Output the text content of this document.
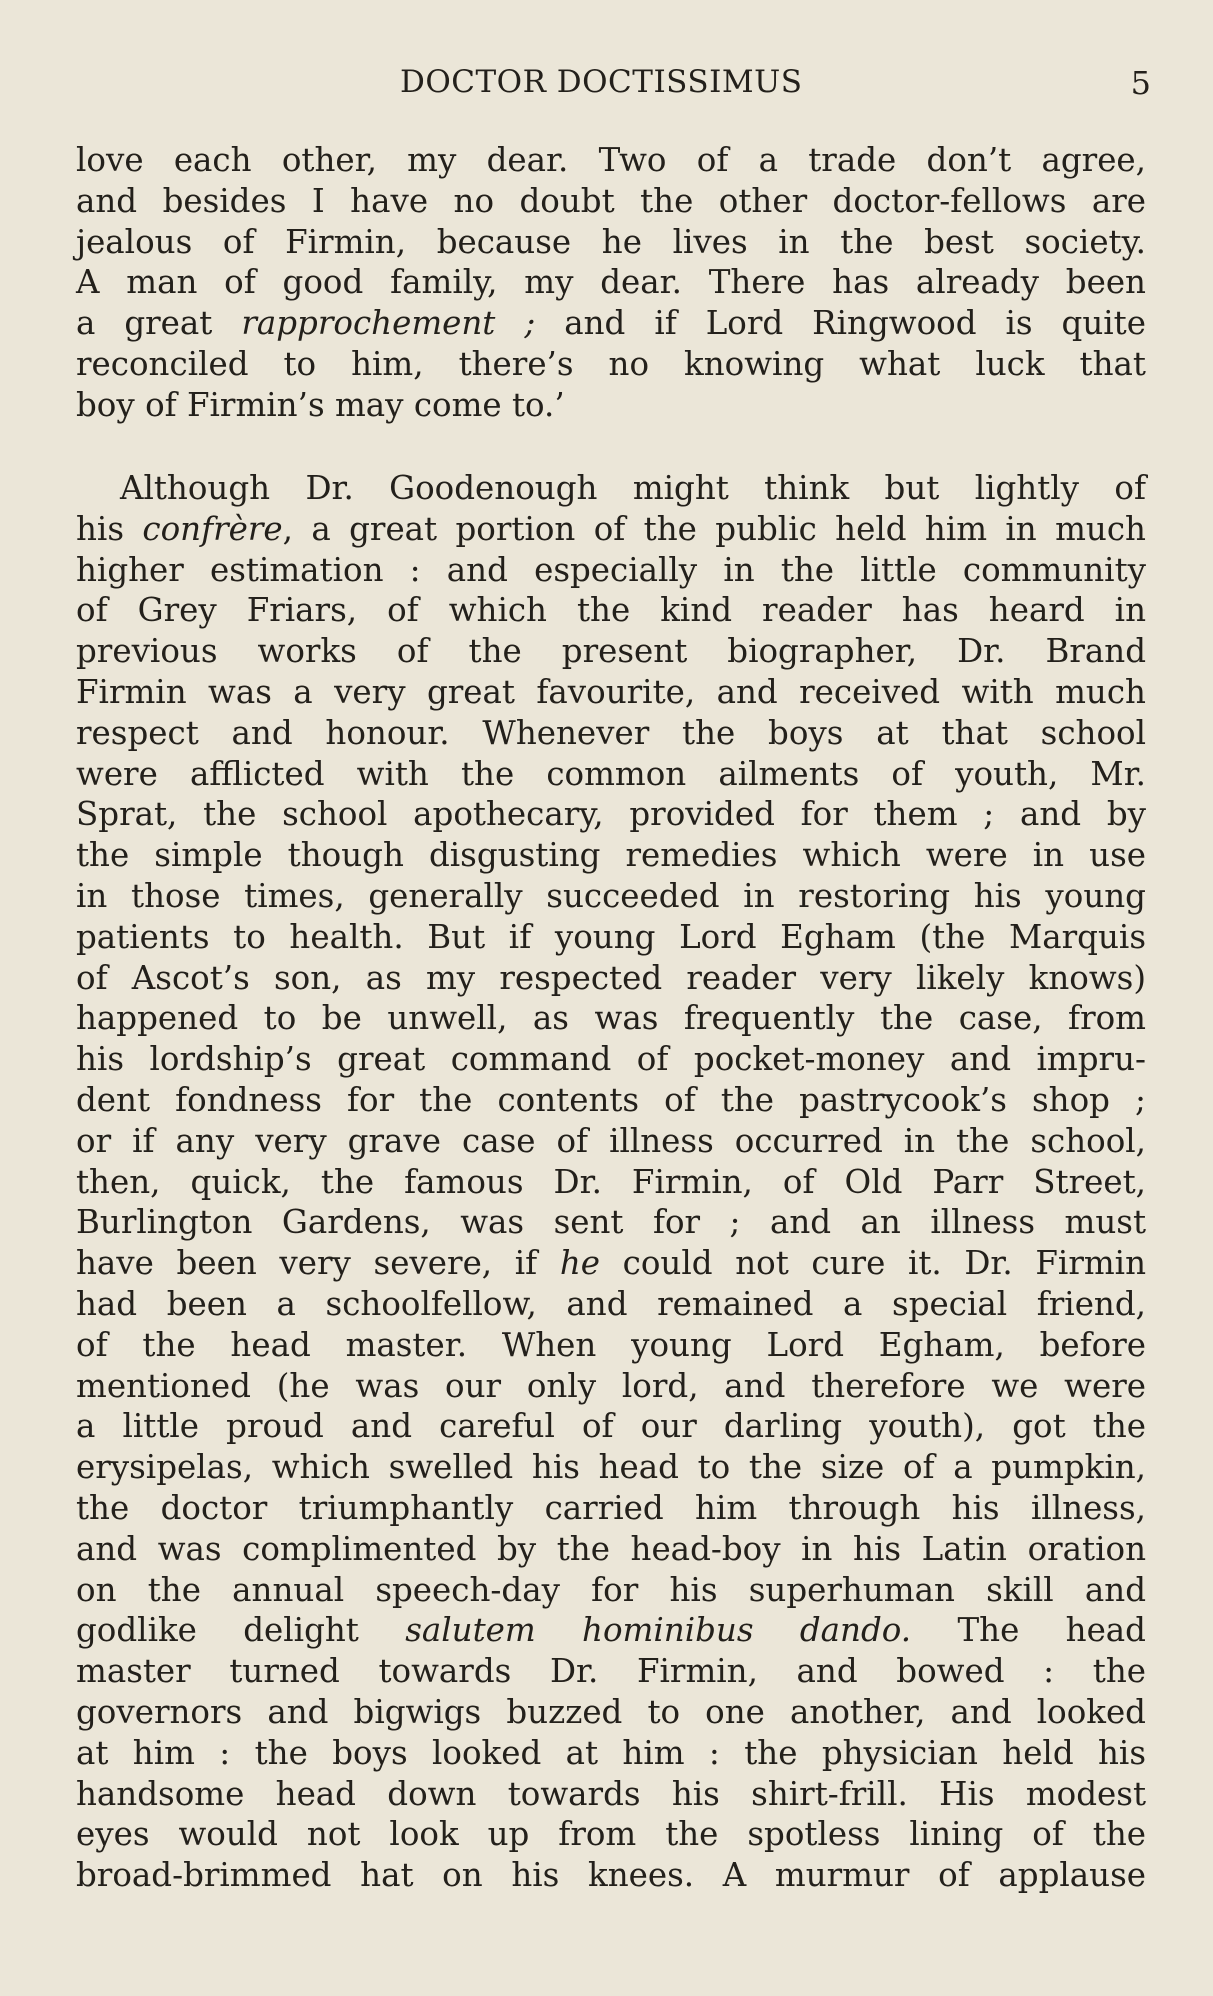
DOCTOR DOCTISSIMUS	5
love each other, my dear. Two of a trade don’t agree,
and besides I have no doubt the other doctor-fellows are
jealous of Firmin, because he lives in the best society.
A man of good family, my dear. There has already been
a great rapprochement ; and if Lord Ringwood is quite
reconciled to him, there’s no knowing what luck that
boy of Firmin’s may come to.’
Although Dr. Goodenough might think but lightly of
his confrère, a great portion of the public held him in much
higher estimation : and especially in the little community
of Grey Friars, of which the kind reader has heard in
previous works of the present biographer, Dr. Brand
Firmin was a very great favourite, and received with much
respect and honour. Whenever the boys at that school
were afflicted with the common ailments of youth, Mr.
Sprat, the school apothecary, provided for them ; and by
the simple though disgusting remedies which were in use
in those times, generally succeeded in restoring his young
patients to health. But if young Lord Egham (the Marquis
of Ascot’s son, as my respected reader very likely knows)
happened to be unwell, as was frequently the case, from
his lordship’s great command of pocket-money and impru-
dent fondness for the contents of the pastrycook’s shop ;
or if any very grave case of illness occurred in the school,
then, quick, the famous Dr. Firmin, of Old Parr Street,
Burlington Gardens, was sent for ; and an illness must
have been very severe, if he could not cure it. Dr. Firmin
had been a schoolfellow, and remained a special friend,
of the head master. When young Lord Egham, before
mentioned (he was our only lord, and therefore we were
a little proud and careful of our darling youth), got the
erysipelas, which swelled his head to the size of a pumpkin,
the doctor triumphantly carried him through his illness,
and was complimented by the head-boy in his Latin oration
on the annual speech-day for his superhuman skill and
godlike delight salutem hominibus dando. The head
master turned towards Dr. Firmin, and bowed : the
governors and bigwigs buzzed to one another, and looked
at him : the boys looked at him : the physician held his
handsome head down towards his shirt-frill. His modest
eyes would not look up from the spotless lining of the
broad-brimmed hat on his knees. A murmur of applause
